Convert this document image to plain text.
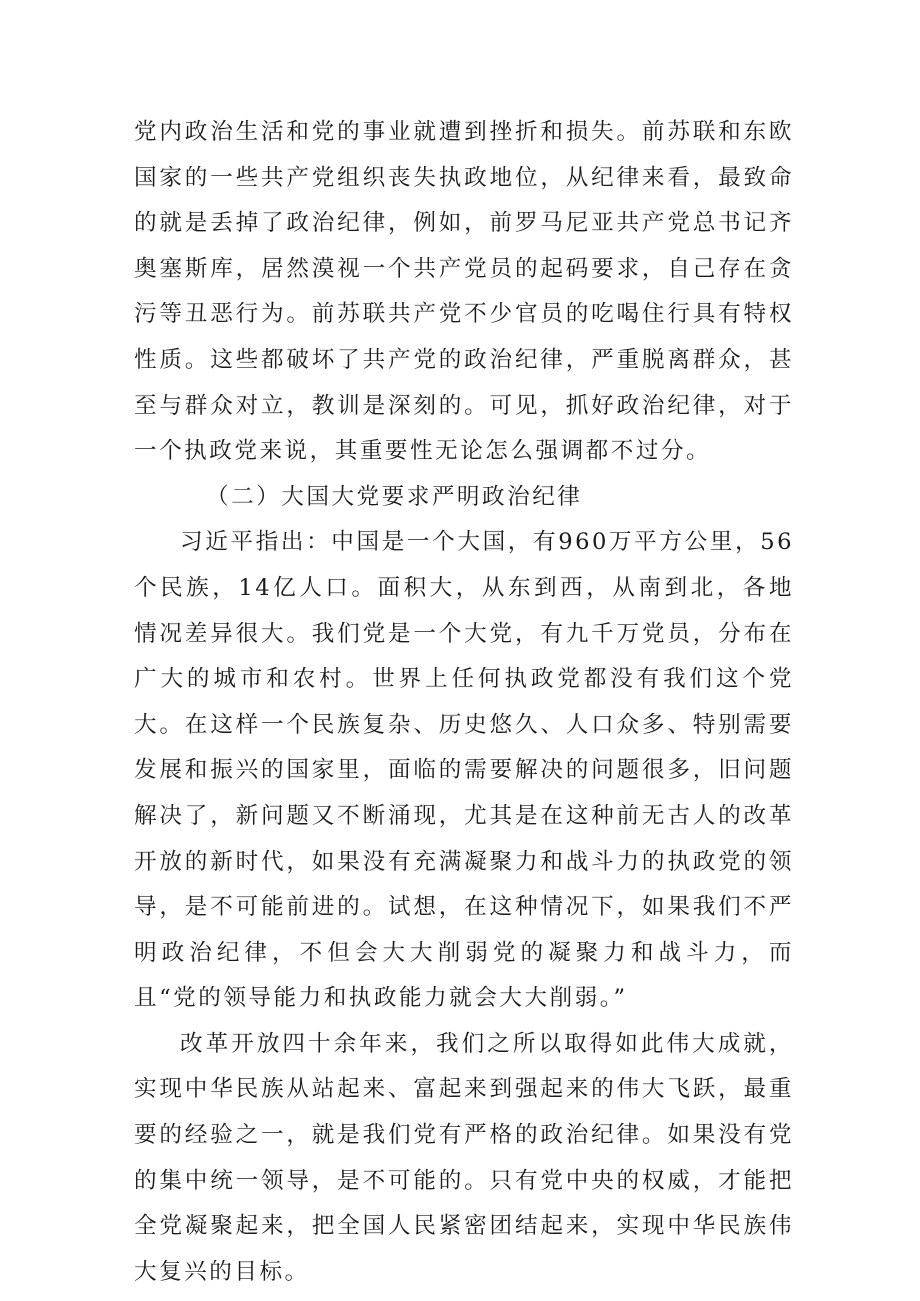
党内政治生活和党的事业就遭到挫折和损失。前苏联和东欧国家的一些共产党组织丧失执政地位，从纪律来看，最致命的就是丢掉了政治纪律，例如，前罗马尼亚共产党总书记齐奥塞斯库，居然漠视一个共产党员的起码要求，自己存在贪污等丑恶行为。前苏联共产党不少官员的吃喝住行具有特权性质。这些都破坏了共产党的政治纪律，严重脱离群众，甚至与群众对立，教训是深刻的。可见，抓好政治纪律，对于一个执政党来说，其重要性无论怎么强调都不过分。

（二）大国大党要求严明政治纪律

习近平指出：中国是一个大国，有960万平方公里，56个民族，14亿人口。面积大，从东到西，从南到北，各地情况差异很大。我们党是一个大党，有九千万党员，分布在广大的城市和农村。世界上任何执政党都没有我们这个党大。在这样一个民族复杂、历史悠久、人口众多、特别需要发展和振兴的国家里，面临的需要解决的问题很多，旧问题解决了，新问题又不断涌现，尤其是在这种前无古人的改革开放的新时代，如果没有充满凝聚力和战斗力的执政党的领导，是不可能前进的。试想，在这种情况下，如果我们不严明政治纪律，不但会大大削弱党的凝聚力和战斗力，而且“党的领导能力和执政能力就会大大削弱。”

改革开放四十余年来，我们之所以取得如此伟大成就，实现中华民族从站起来、富起来到强起来的伟大飞跃，最重要的经验之一，就是我们党有严格的政治纪律。如果没有党的集中统一领导，是不可能的。只有党中央的权威，才能把全党凝聚起来，把全国人民紧密团结起来，实现中华民族伟大复兴的目标。
